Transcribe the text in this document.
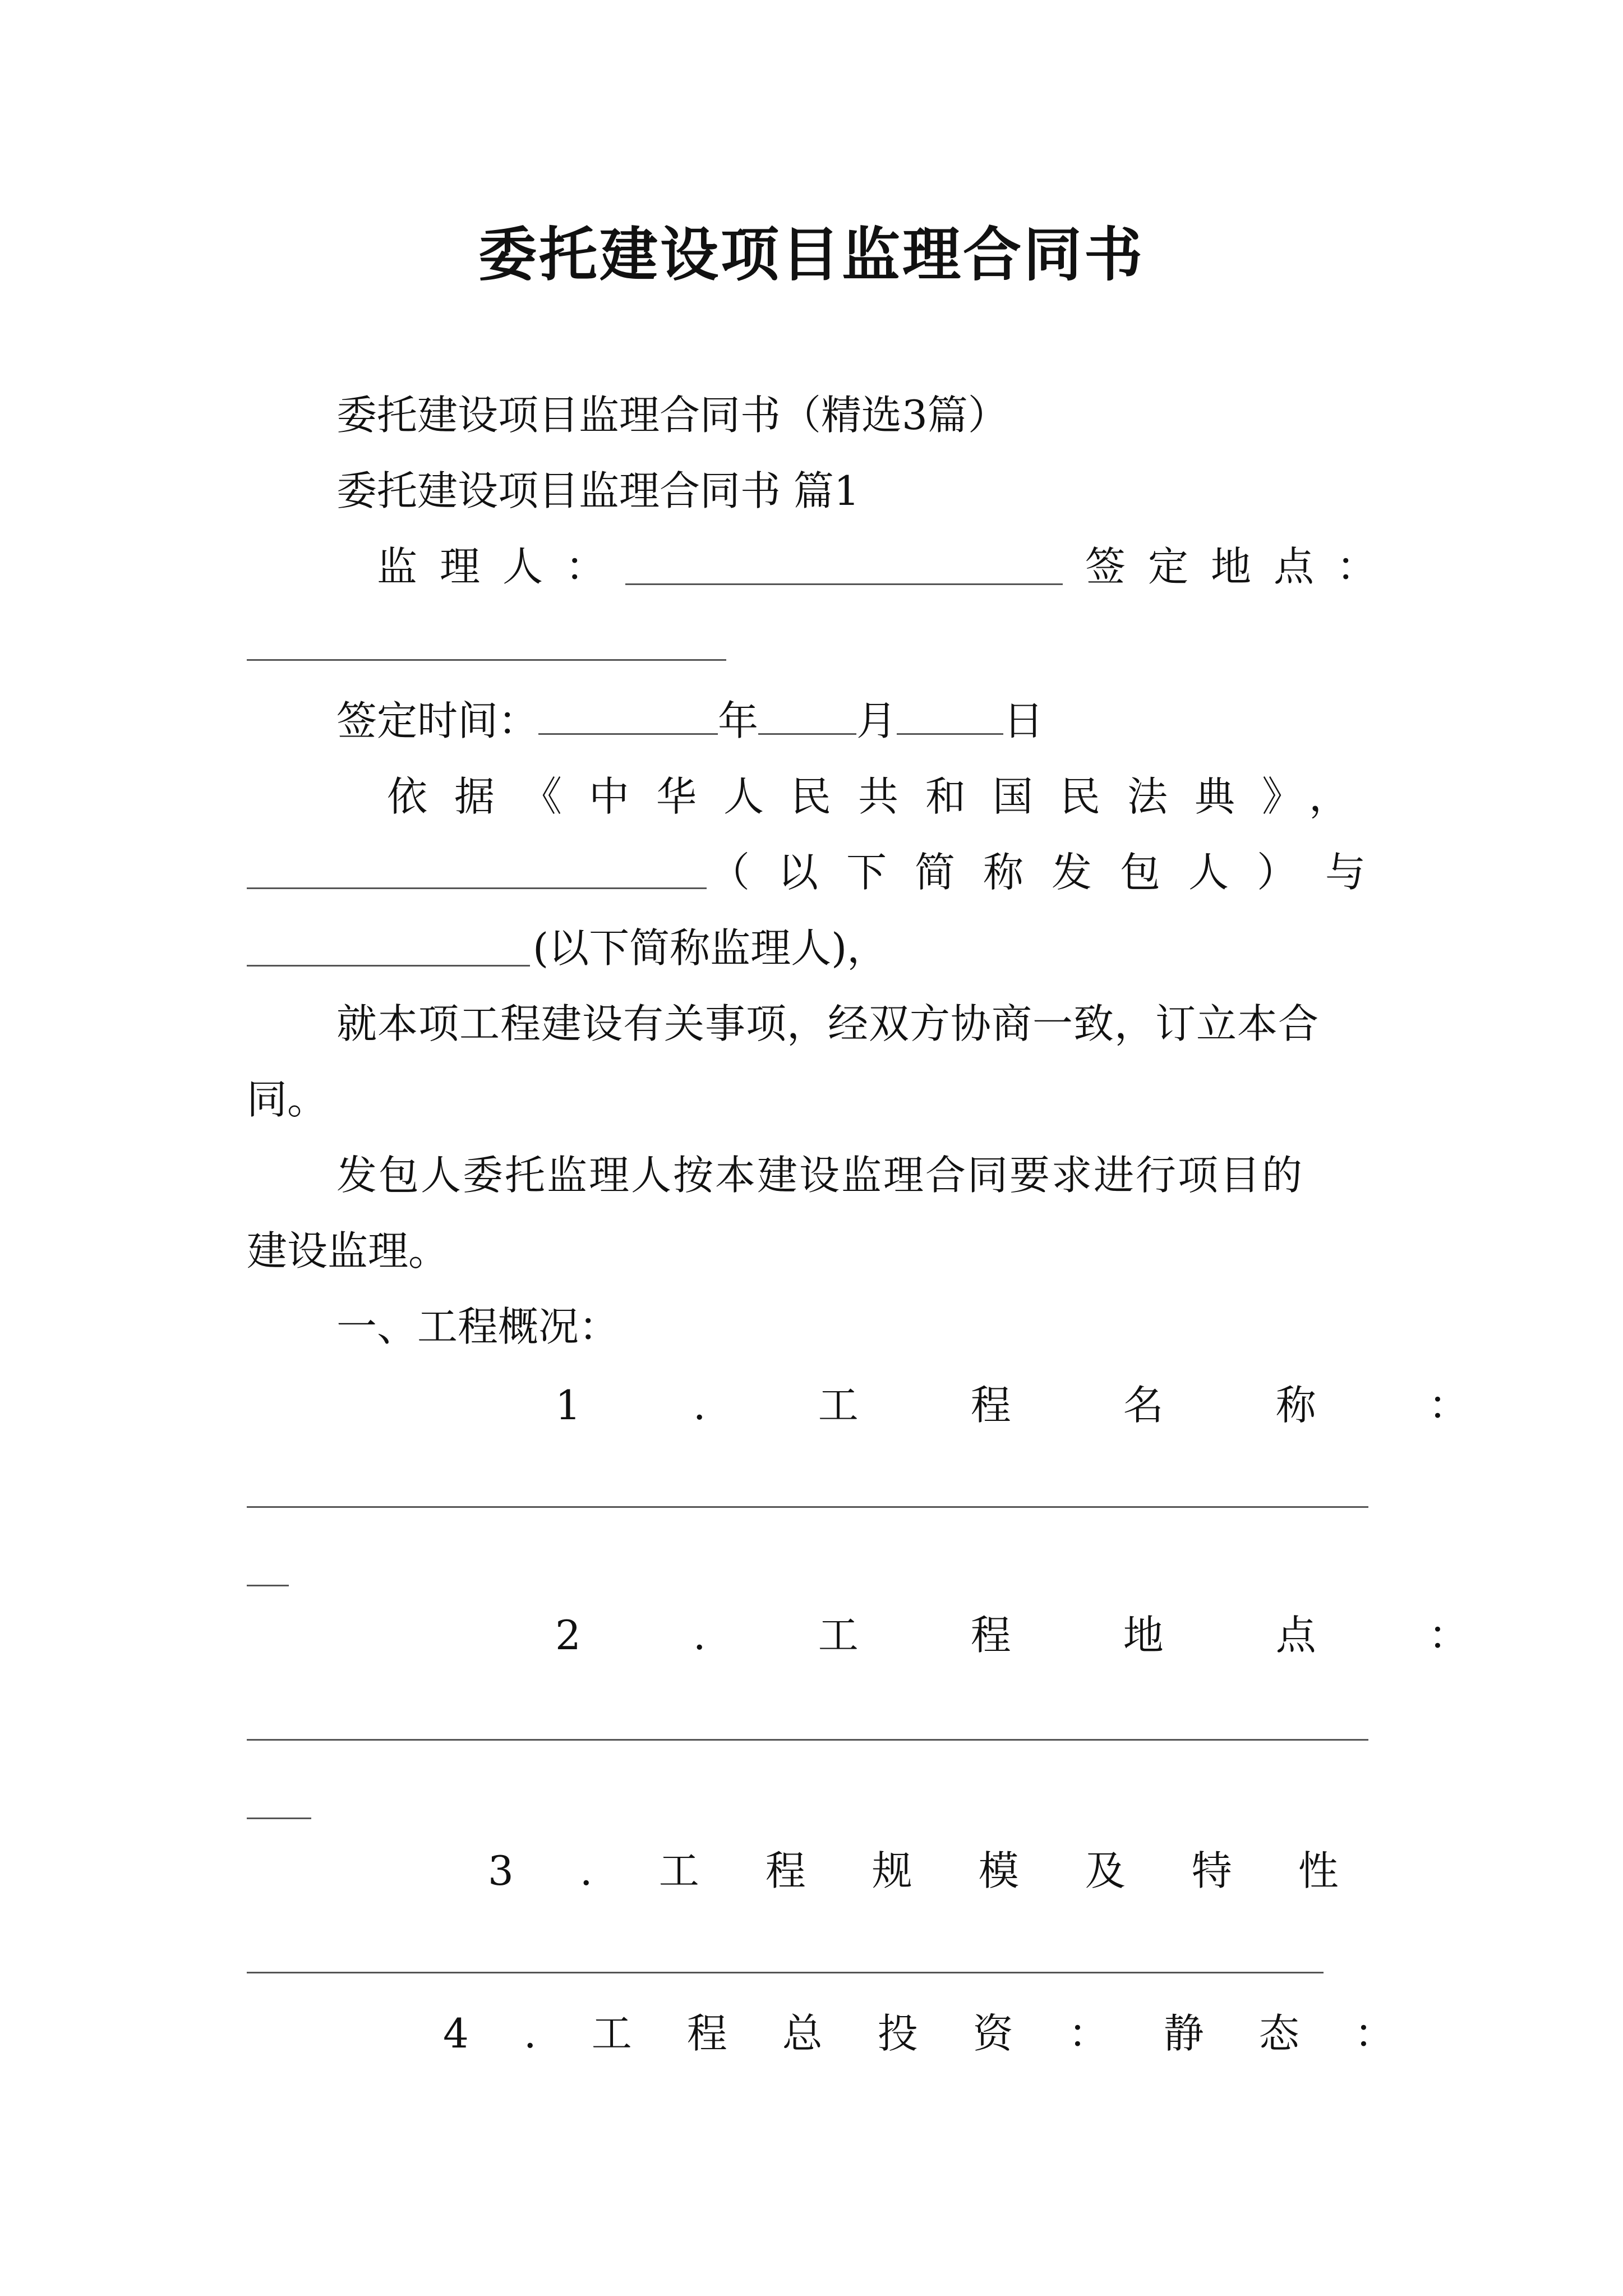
委托建设项目监理合同书
委托建设项目监理合同书（精选3篇）
委托建设项目监理合同书 篇1
监理人：	签定地点：
签定时间：	年 月	日
依据《中华人民共和国民法典》，
（以下简称发包人）与
(以下简称监理人)，
就本项工程建设有关事项，经双方协商一致，订立本合
同。
发包人委托监理人按本建设监理合同要求进行项目的
建设监理。
一、工程概况：
1.工程名称：
2.工程地点：
3.工程规模及特性
4.工程总投资：静态：
